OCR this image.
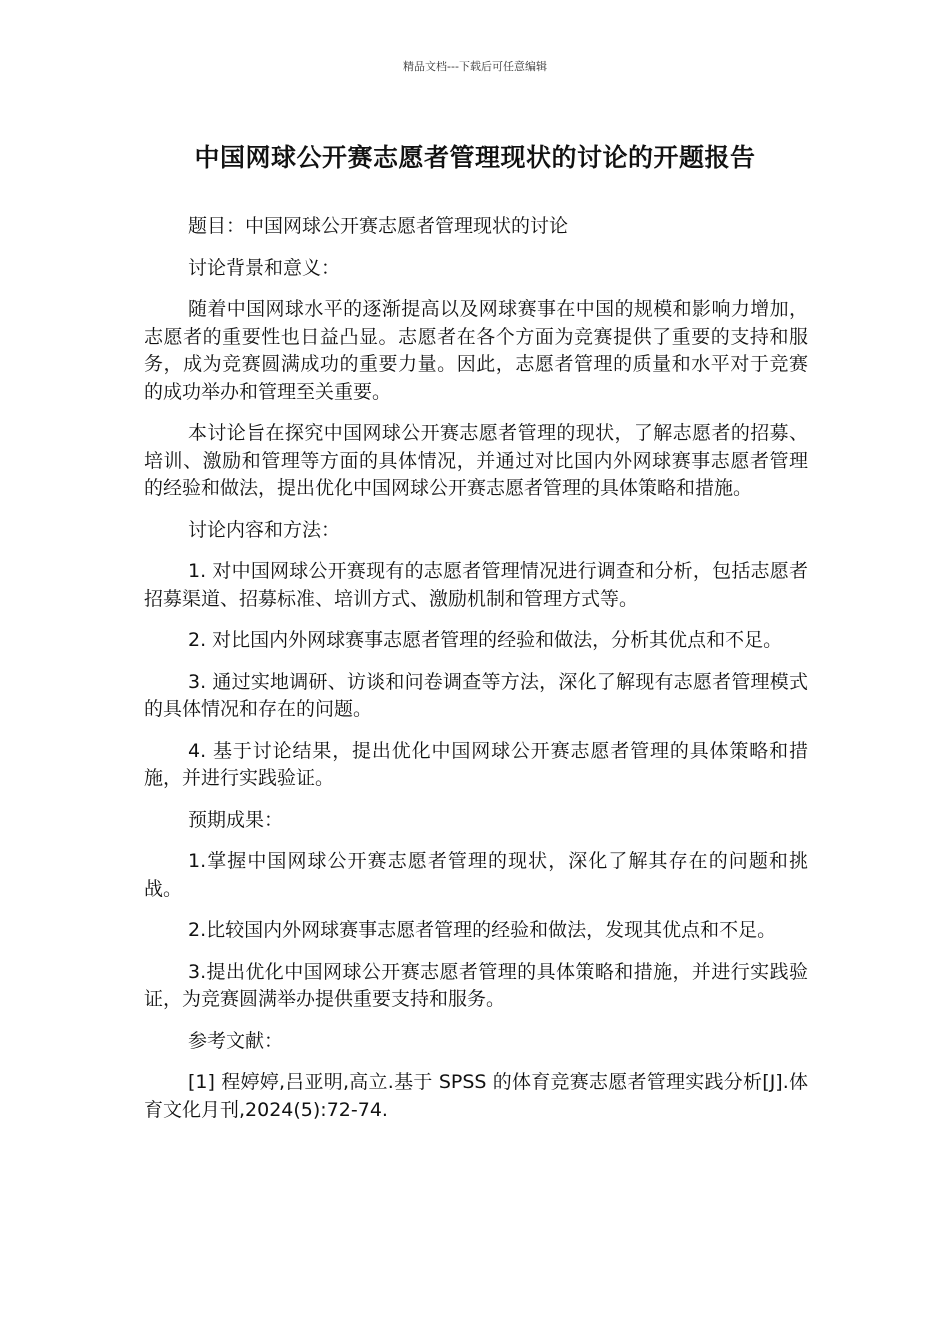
精品文档---下载后可任意编辑
中国网球公开赛志愿者管理现状的讨论的开题报告

题目：中国网球公开赛志愿者管理现状的讨论

讨论背景和意义：

随着中国网球水平的逐渐提高以及网球赛事在中国的规模和影响力增加，志愿者的重要性也日益凸显。志愿者在各个方面为竞赛提供了重要的支持和服务，成为竞赛圆满成功的重要力量。因此，志愿者管理的质量和水平对于竞赛的成功举办和管理至关重要。

本讨论旨在探究中国网球公开赛志愿者管理的现状，了解志愿者的招募、培训、激励和管理等方面的具体情况，并通过对比国内外网球赛事志愿者管理的经验和做法，提出优化中国网球公开赛志愿者管理的具体策略和措施。

讨论内容和方法：

1. 对中国网球公开赛现有的志愿者管理情况进行调查和分析，包括志愿者招募渠道、招募标准、培训方式、激励机制和管理方式等。

2. 对比国内外网球赛事志愿者管理的经验和做法，分析其优点和不足。

3. 通过实地调研、访谈和问卷调查等方法，深化了解现有志愿者管理模式的具体情况和存在的问题。

4. 基于讨论结果，提出优化中国网球公开赛志愿者管理的具体策略和措施，并进行实践验证。

预期成果：

1.掌握中国网球公开赛志愿者管理的现状，深化了解其存在的问题和挑战。

2.比较国内外网球赛事志愿者管理的经验和做法，发现其优点和不足。

3.提出优化中国网球公开赛志愿者管理的具体策略和措施，并进行实践验证，为竞赛圆满举办提供重要支持和服务。

参考文献：

[1] 程婷婷,吕亚明,高立.基于 SPSS 的体育竞赛志愿者管理实践分析[J].体育文化月刊,2024(5):72-74.
